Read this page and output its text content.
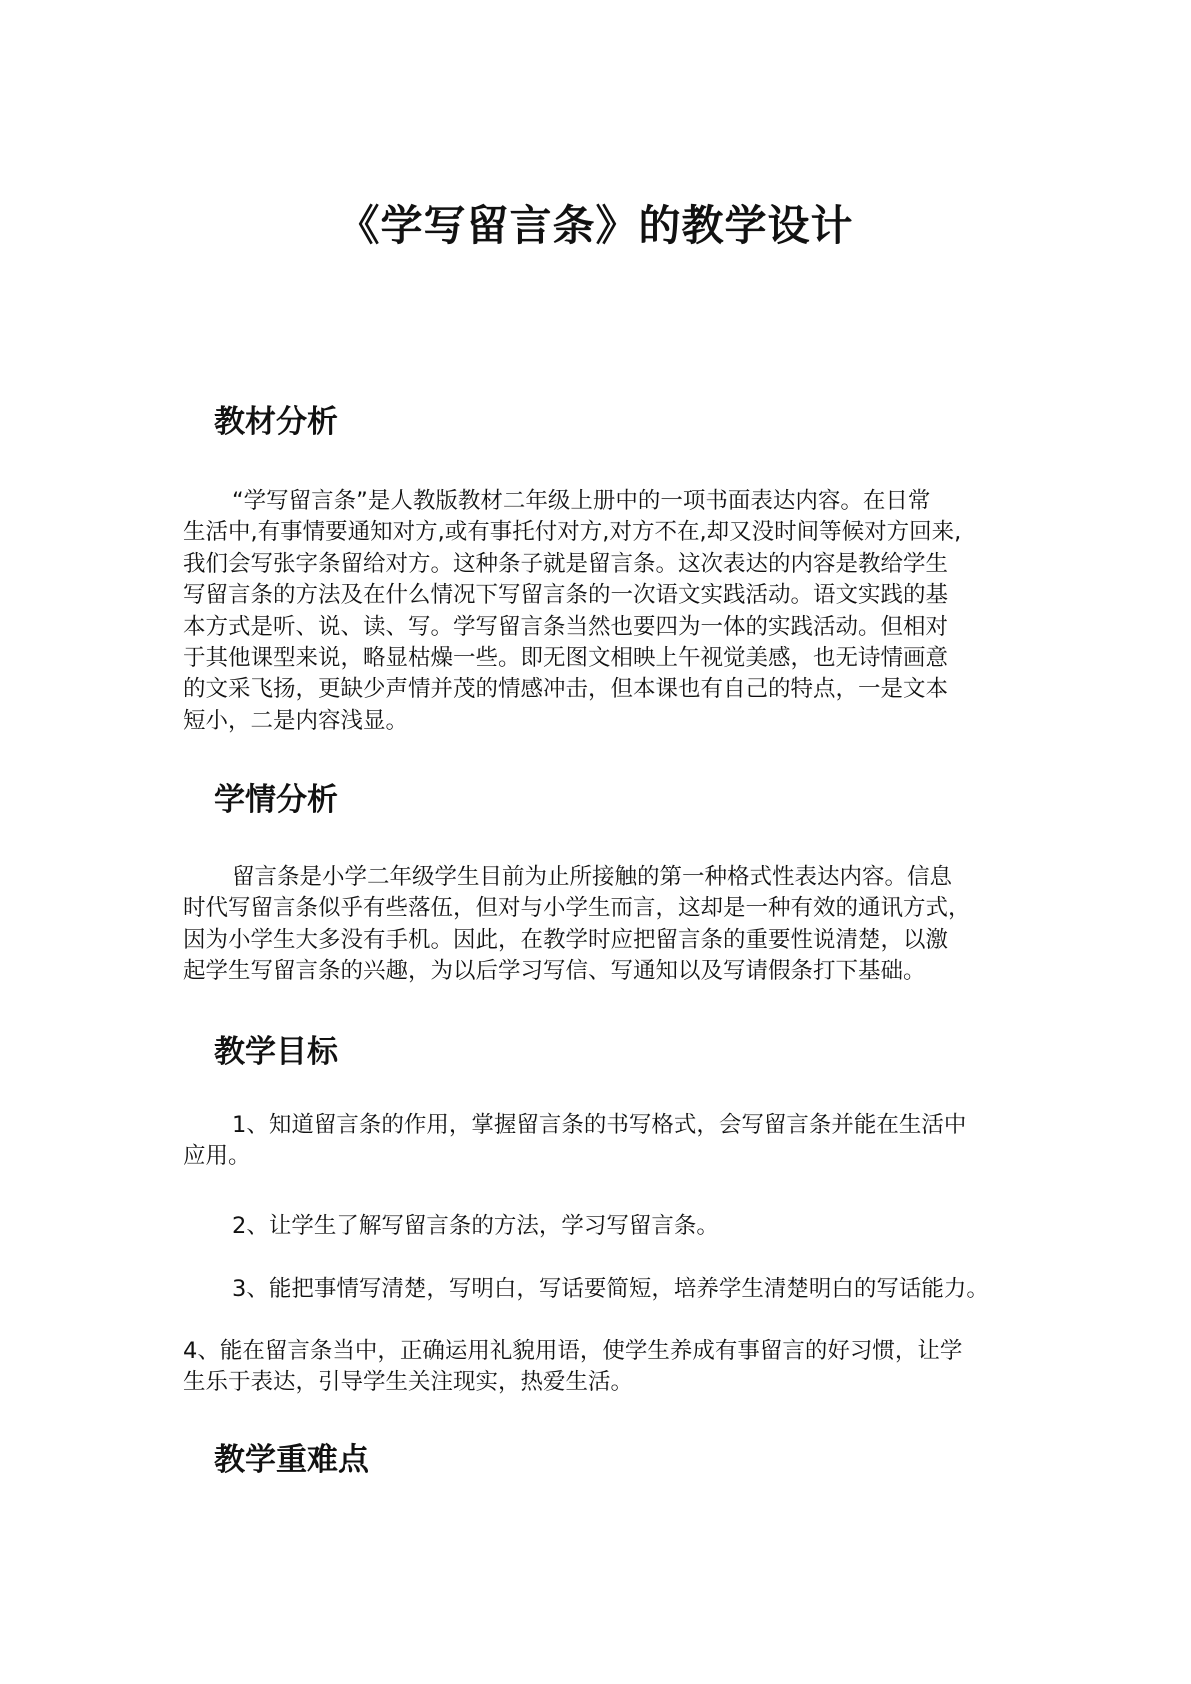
《学写留言条》的教学设计
教材分析
“学写留言条”是人教版教材二年级上册中的一项书面表达内容。在日常
生活中,有事情要通知对方,或有事托付对方,对方不在,却又没时间等候对方回来,
我们会写张字条留给对方。这种条子就是留言条。这次表达的内容是教给学生
写留言条的方法及在什么情况下写留言条的一次语文实践活动。语文实践的基
本方式是听、说、读、写。学写留言条当然也要四为一体的实践活动。但相对
于其他课型来说，略显枯燥一些。即无图文相映上午视觉美感，也无诗情画意
的文采飞扬，更缺少声情并茂的情感冲击，但本课也有自己的特点，一是文本
短小，二是内容浅显。
学情分析
留言条是小学二年级学生目前为止所接触的第一种格式性表达内容。信息
时代写留言条似乎有些落伍，但对与小学生而言，这却是一种有效的通讯方式，
因为小学生大多没有手机。因此，在教学时应把留言条的重要性说清楚，以激
起学生写留言条的兴趣，为以后学习写信、写通知以及写请假条打下基础。
教学目标
1、知道留言条的作用，掌握留言条的书写格式，会写留言条并能在生活中
应用。
2、让学生了解写留言条的方法，学习写留言条。
3、能把事情写清楚，写明白，写话要简短，培养学生清楚明白的写话能力。
4、能在留言条当中，正确运用礼貌用语，使学生养成有事留言的好习惯，让学
生乐于表达，引导学生关注现实，热爱生活。
教学重难点
